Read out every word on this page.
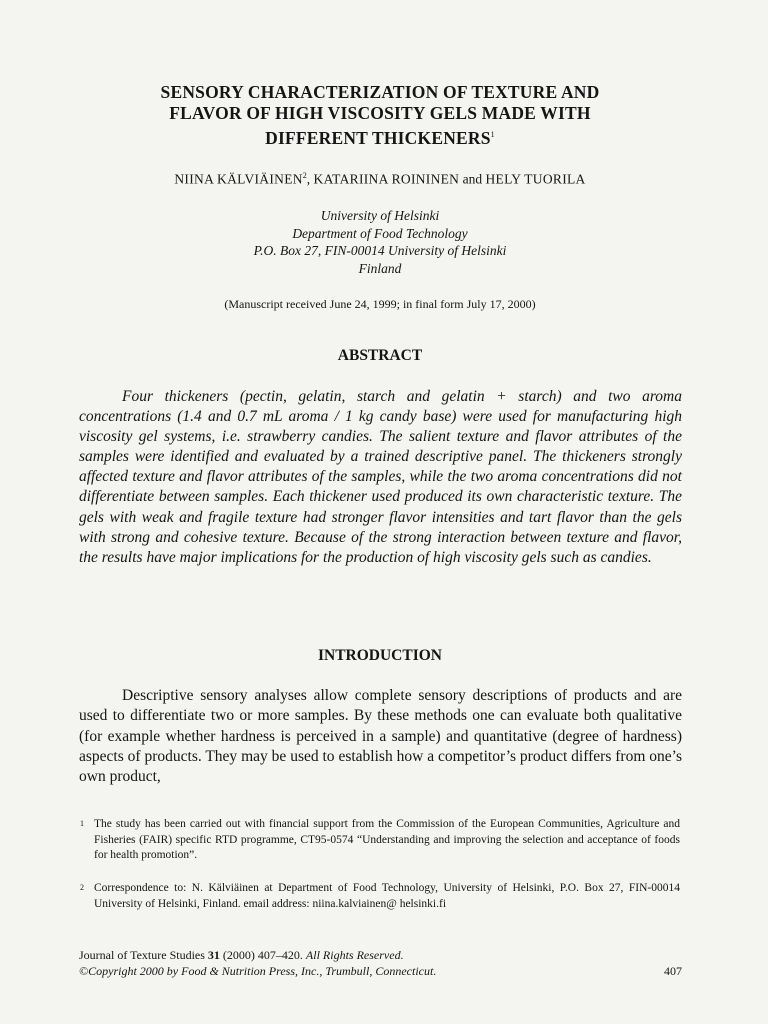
SENSORY CHARACTERIZATION OF TEXTURE AND
FLAVOR OF HIGH VISCOSITY GELS MADE WITH
DIFFERENT THICKENERS$^1$
NIINA KÄLVIÄINEN$^2$, KATARIINA ROININEN and HELY TUORILA
University of Helsinki
Department of Food Technology
P.O. Box 27, FIN-00014 University of Helsinki
Finland
(Manuscript received June 24, 1999; in final form July 17, 2000)
ABSTRACT

Four thickeners (pectin, gelatin, starch and gelatin + starch) and two aroma concentrations (1.4 and 0.7 mL aroma / 1 kg candy base) were used for manufacturing high viscosity gel systems, i.e. strawberry candies. The salient texture and flavor attributes of the samples were identified and evaluated by a trained descriptive panel. The thickeners strongly affected texture and flavor attributes of the samples, while the two aroma concentrations did not differentiate between samples. Each thickener used produced its own characteristic texture. The gels with weak and fragile texture had stronger flavor intensities and tart flavor than the gels with strong and cohesive texture. Because of the strong interaction between texture and flavor, the results have major implications for the production of high viscosity gels such as candies.

INTRODUCTION

Descriptive sensory analyses allow complete sensory descriptions of products and are used to differentiate two or more samples. By these methods one can evaluate both qualitative (for example whether hardness is perceived in a sample) and quantitative (degree of hardness) aspects of products. They may be used to establish how a competitor’s product differs from one’s own product,

1 The study has been carried out with financial support from the Commission of the European Communities, Agriculture and Fisheries (FAIR) specific RTD programme, CT95-0574 “Understanding and improving the selection and acceptance of foods for health promotion”.
2 Correspondence to: N. Kälviäinen at Department of Food Technology, University of Helsinki, P.O. Box 27, FIN-00014 University of Helsinki, Finland. email address: niina.kalviainen@ helsinki.fi
Journal of Texture Studies 31 (2000) 407–420. All Rights Reserved.
©Copyright 2000 by Food & Nutrition Press, Inc., Trumbull, Connecticut.	407
